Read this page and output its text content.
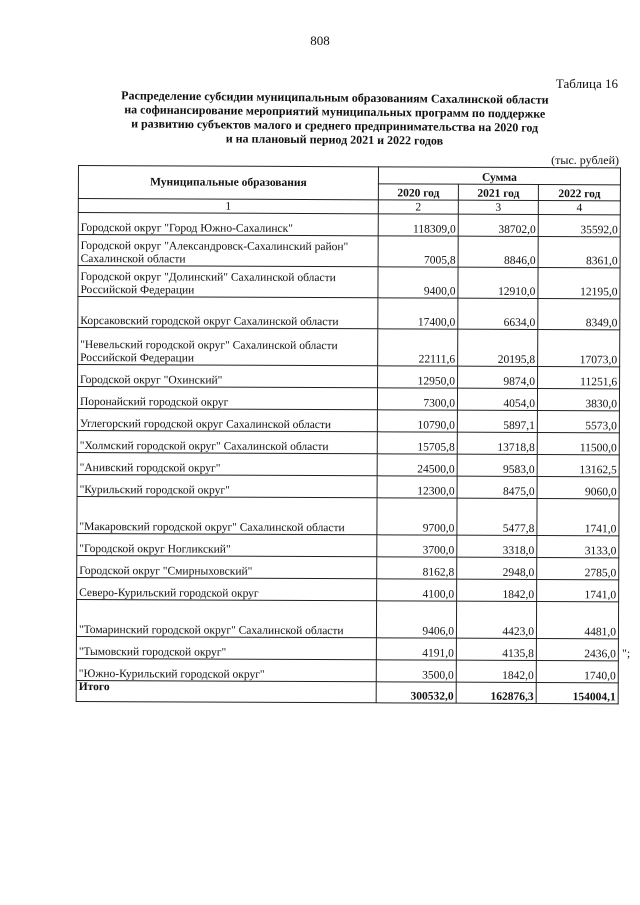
808
Таблица 16
Распределение субсидии муниципальным образованиям Сахалинской области
на софинансирование мероприятий муниципальных программ по поддержке
и развитию субъектов малого и среднего предпринимательства на 2020 год
и на плановый период 2021 и 2022 годов
(тыс. рублей)
Муниципальные образования	Сумма		
	2020 год	2021 год	2022 год
1	2	3	4
Городской округ "Город Южно-Сахалинск"	118309,0	38702,0	35592,0
Городской округ "Александровск-Сахалинский район" Сахалинской области	7005,8	8846,0	8361,0
Городской округ "Долинский" Сахалинской области Российской Федерации	9400,0	12910,0	12195,0
Корсаковский городской округ Сахалинской области	17400,0	6634,0	8349,0
"Невельский городской округ" Сахалинской области Российской Федерации	22111,6	20195,8	17073,0
Городской округ "Охинский"	12950,0	9874,0	11251,6
Поронайский городской округ	7300,0	4054,0	3830,0
Углегорский городской округ Сахалинской области	10790,0	5897,1	5573,0
"Холмский городской округ" Сахалинской области	15705,8	13718,8	11500,0
"Анивский городской округ"	24500,0	9583,0	13162,5
"Курильский городской округ"	12300,0	8475,0	9060,0
"Макаровский городской округ" Сахалинской области	9700,0	5477,8	1741,0
"Городской округ Ногликский"	3700,0	3318,0	3133,0
Городской округ "Смирныховский"	8162,8	2948,0	2785,0
Северо-Курильский городской округ	4100,0	1842,0	1741,0
"Томаринский городской округ" Сахалинской области	9406,0	4423,0	4481,0
"Тымовский городской округ"	4191,0	4135,8	2436,0
"Южно-Курильский городской округ"	3500,0	1842,0	1740,0
Итого	300532,0	162876,3	154004,1
";
